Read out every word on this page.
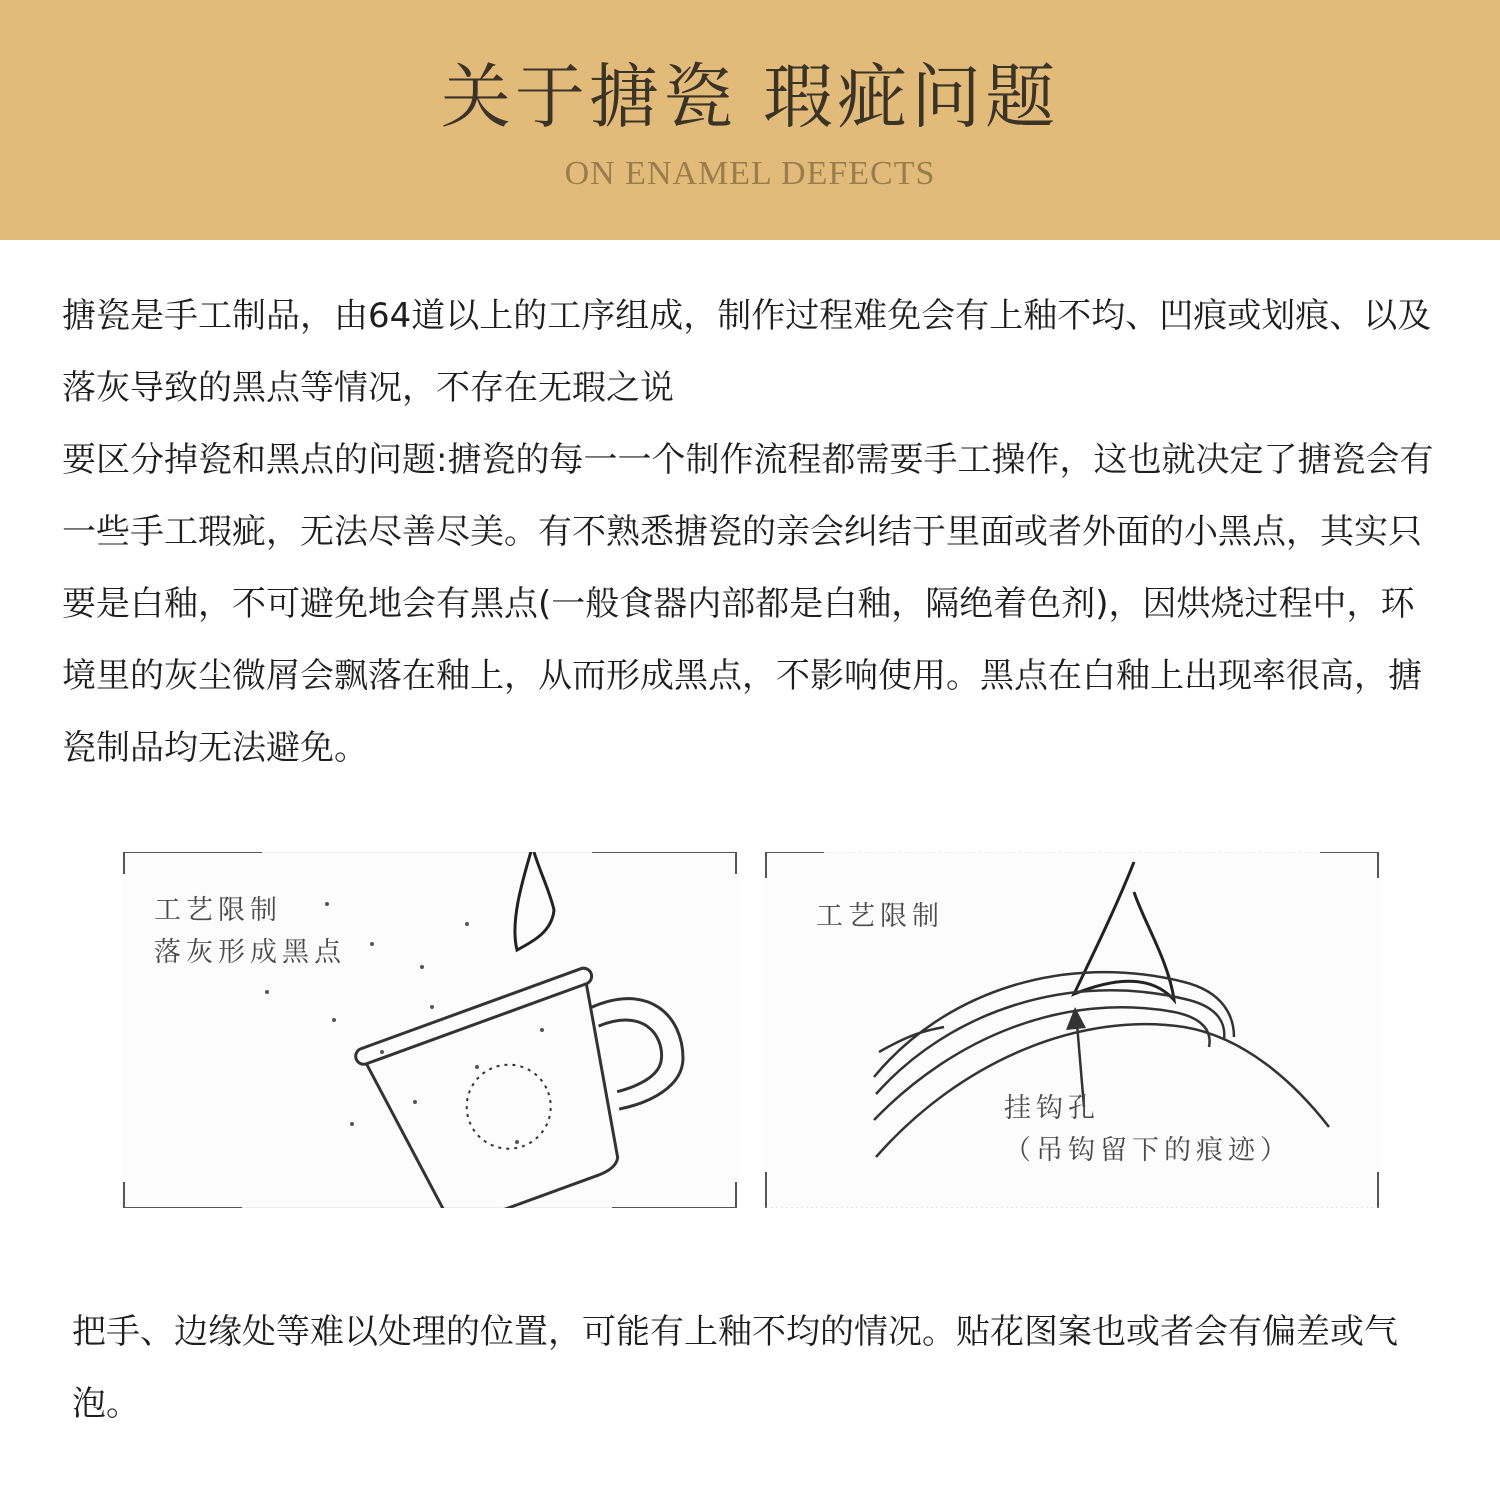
关于搪瓷 瑕疵问题
ON ENAMEL DEFECTS

搪瓷是手工制品，由64道以上的工序组成，制作过程难免会有上釉不均、凹痕或划痕、以及落灰导致的黑点等情况，不存在无瑕之说

要区分掉瓷和黑点的问题:搪瓷的每一一个制作流程都需要手工操作，这也就决定了搪瓷会有一些手工瑕疵，无法尽善尽美。有不熟悉搪瓷的亲会纠结于里面或者外面的小黑点，其实只要是白釉，不可避免地会有黑点(一般食器内部都是白釉，隔绝着色剂)，因烘烧过程中，环境里的灰尘微屑会飘落在釉上，从而形成黑点，不影响使用。黑点在白釉上出现率很高，搪瓷制品均无法避免。

工艺限制

落灰形成黑点

工艺限制

挂钩孔

（吊钩留下的痕迹）

把手、边缘处等难以处理的位置，可能有上釉不均的情况。贴花图案也或者会有偏差或气泡。
